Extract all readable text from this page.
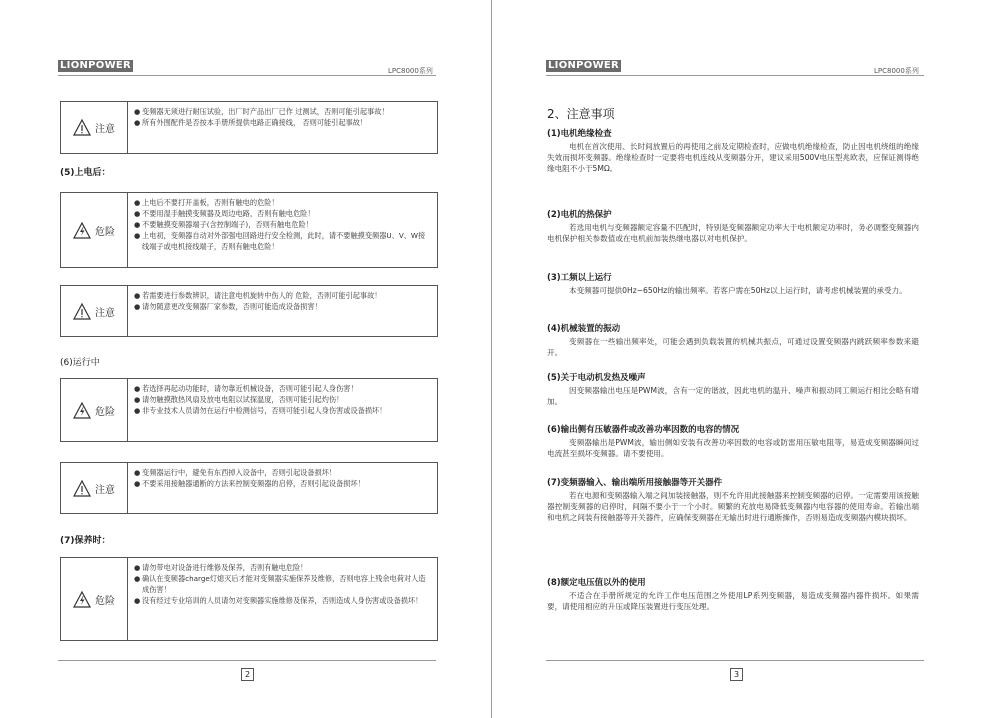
LIONPOWER	LPC8000系列
注意
● 变频器无须进行耐压试验，出厂时产品出厂已作 过测试，否则可能引起事故！
● 所有外围配件是否按本手册所提供电路正确接线， 否则可能引起事故！
(5)上电后：
危险
● 上电后不要打开盖板，否则有触电的危险！
● 不要用湿手触摸变频器及周边电路，否则有触电危险！
● 不要触摸变频器端子(含控制端子)，否则有触电危险！
● 上电初，变频器自动对外部强电回路进行安全检测，此时，请不要触摸变频器U、V、W接线端子或电机接线端子，否则有触电危险！
注意
● 若需要进行参数辨识，请注意电机旋转中伤人的 危险，否则可能引起事故！
● 请勿随意更改变频器厂家参数，否则可能造成设备损害！
(6)运行中
危险
● 若选择再起动功能时，请勿靠近机械设备，否则可能引起人身伤害！
● 请勿触摸散热风扇及放电电阻以试探温度，否则可能引起灼伤！
● 非专业技术人员请勿在运行中检测信号，否则可能引起人身伤害或设备损坏！
注意
● 变频器运行中，避免有东西掉入设备中，否则引起设备损坏！
● 不要采用接触器通断的方法来控制变频器的启停，否则引起设备损坏！
(7)保养时：
危险
● 请勿带电对设备进行维修及保养，否则有触电危险！
● 确认在变频器charge灯熄灭后才能对变频器实施保养及维修，否则电容上残余电荷对人造成伤害！
● 没有经过专业培训的人员请勿对变频器实施维修及保养，否则造成人身伤害或设备损坏！
2
LIONPOWER	LPC8000系列
2、注意事项
(1)电机绝缘检查
电机在首次使用、长时间放置后的再使用之前及定期检查时，应做电机绝缘检查，防止因电机绕组的绝缘失效而损坏变频器。绝缘检查时一定要将电机连线从变频器分开，建议采用500V电压型兆欧表，应保证测得绝缘电阻不小于5MΩ。
(2)电机的热保护
若选用电机与变频器额定容量不匹配时，特别是变频器额定功率大于电机额定功率时，务必调整变频器内电机保护相关参数值或在电机前加装热继电器以对电机保护。
(3)工频以上运行
本变频器可提供0Hz~650Hz的输出频率。若客户需在50Hz以上运行时，请考虑机械装置的承受力。
(4)机械装置的振动
变频器在一些输出频率处，可能会遇到负载装置的机械共振点，可通过设置变频器内跳跃频率参数来避开。
(5)关于电动机发热及噪声
因变频器输出电压是PWM波，含有一定的谐波，因此电机的温升、噪声和振动同工频运行相比会略有增加。
(6)输出侧有压敏器件或改善功率因数的电容的情况
变频器输出是PWM波，输出侧如安装有改善功率因数的电容或防雷用压敏电阻等，易造成变频器瞬间过电流甚至损坏变频器。请不要使用。
(7)变频器输入、输出端所用接触器等开关器件
若在电源和变频器输入端之间加装接触器，则不允许用此接触器来控制变频器的启停。一定需要用该接触器控制变频器的启停时，间隔不要小于一个小时。频繁的充放电易降低变频器内电容器的使用寿命。若输出端和电机之间装有接触器等开关器件，应确保变频器在无输出时进行通断操作，否则易造成变频器内模块损坏。
(8)额定电压值以外的使用
不适合在手册所规定的允许工作电压范围之外使用LP系列变频器，易造成变频器内器件损坏。如果需要，请使用相应的升压或降压装置进行变压处理。
3
